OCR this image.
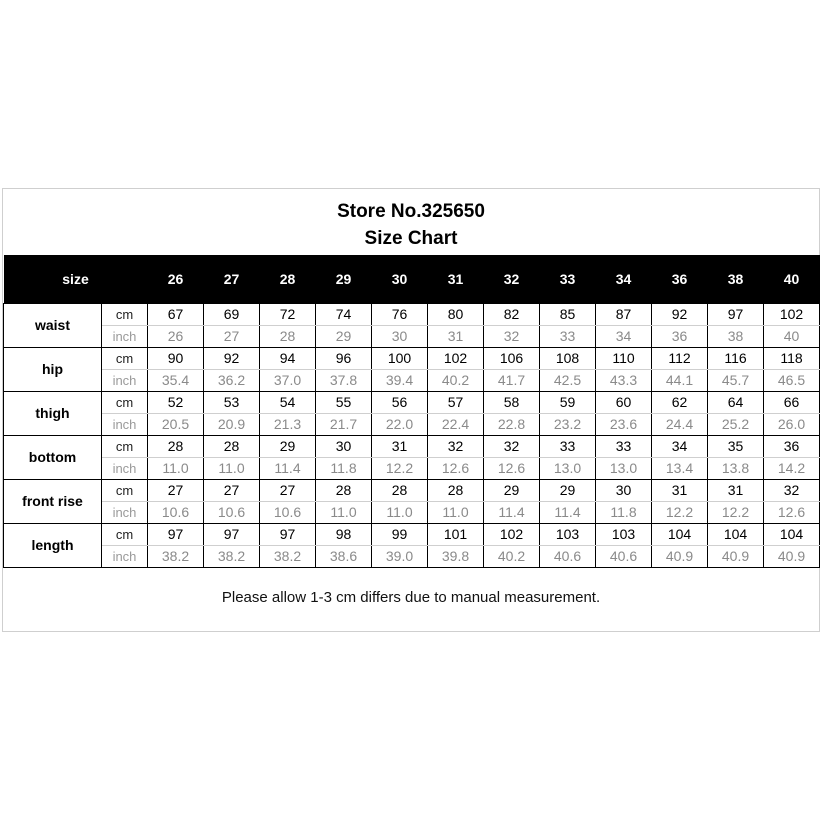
Store No.325650
Size Chart
size		26	27	28	29	30	31	32	33	34	36	38	40
waist	cm	67	69	72	74	76	80	82	85	87	92	97	102
	inch	26	27	28	29	30	31	32	33	34	36	38	40
hip	cm	90	92	94	96	100	102	106	108	110	112	116	118
	inch	35.4	36.2	37.0	37.8	39.4	40.2	41.7	42.5	43.3	44.1	45.7	46.5
thigh	cm	52	53	54	55	56	57	58	59	60	62	64	66
	inch	20.5	20.9	21.3	21.7	22.0	22.4	22.8	23.2	23.6	24.4	25.2	26.0
bottom	cm	28	28	29	30	31	32	32	33	33	34	35	36
	inch	11.0	11.0	11.4	11.8	12.2	12.6	12.6	13.0	13.0	13.4	13.8	14.2
front rise	cm	27	27	27	28	28	28	29	29	30	31	31	32
	inch	10.6	10.6	10.6	11.0	11.0	11.0	11.4	11.4	11.8	12.2	12.2	12.6
length	cm	97	97	97	98	99	101	102	103	103	104	104	104
	inch	38.2	38.2	38.2	38.6	39.0	39.8	40.2	40.6	40.6	40.9	40.9	40.9
Please allow 1-3 cm differs due to manual measurement.
